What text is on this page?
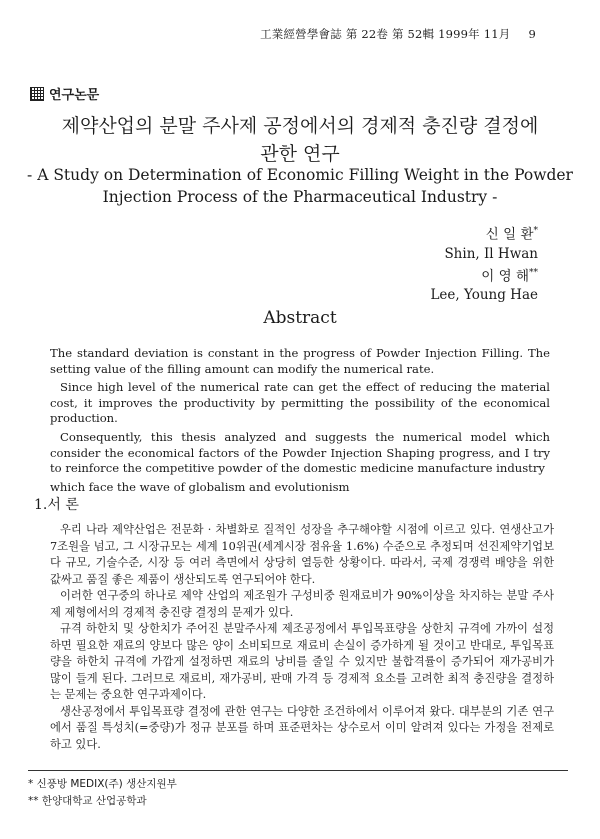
工業經營學會誌 第 22卷 第 52輯 1999年 11月 9
연구논문
제약산업의 분말 주사제 공정에서의 경제적 충진량 결정에
관한 연구
- A Study on Determination of Economic Filling Weight in the Powder
Injection Process of the Pharmaceutical Industry -
신 일 환*
Shin, Il Hwan
이 영 해**
Lee, Young Hae
Abstract

The standard deviation is constant in the progress of Powder Injection Filling. The setting value of the filling amount can modify the numerical rate.

Since high level of the numerical rate can get the effect of reducing the material cost, it improves the productivity by permitting the possibility of the economical production.

Consequently, this thesis analyzed and suggests the numerical model which consider the economical factors of the Powder Injection Shaping progress, and I try to reinforce the competitive powder of the domestic medicine manufacture industry

which face the wave of globalism and evolutionism

1.서 론

우리 나라 제약산업은 전문화 · 차별화로 질적인 성장을 추구해야할 시점에 이르고 있다. 연생산고가 7조원을 넘고, 그 시장규모는 세계 10위권(세계시장 점유율 1.6%) 수준으로 추정되며 선진제약기업보다 규모, 기술수준, 시장 등 여러 측면에서 상당히 열등한 상황이다. 따라서, 국제 경쟁력 배양을 위한 값싸고 품질 좋은 제품이 생산되도록 연구되어야 한다.

이러한 연구중의 하나로 제약 산업의 제조원가 구성비중 원재료비가 90%이상을 차지하는 분말 주사제 제형에서의 경제적 충진량 결정의 문제가 있다.

규격 하한치 및 상한치가 주어진 분말주사제 제조공정에서 투입목표량을 상한치 규격에 가까이 설정하면 필요한 재료의 양보다 많은 양이 소비되므로 재료비 손실이 증가하게 될 것이고 반대로, 투입목표량을 하한치 규격에 가깝게 설정하면 재료의 낭비를 줄일 수 있지만 불합격률이 증가되어 재가공비가 많이 들게 된다. 그러므로 재료비, 재가공비, 판매 가격 등 경제적 요소를 고려한 최적 충진량을 결정하는 문제는 중요한 연구과제이다.

생산공정에서 투입목표량 결정에 관한 연구는 다양한 조건하에서 이루어져 왔다. 대부분의 기존 연구에서 품질 특성치(=중량)가 정규 분포를 하며 표준편차는 상수로서 이미 알려져 있다는 가정을 전제로 하고 있다.

* 신풍방 MEDIX(주) 생산지원부
** 한양대학교 산업공학과
